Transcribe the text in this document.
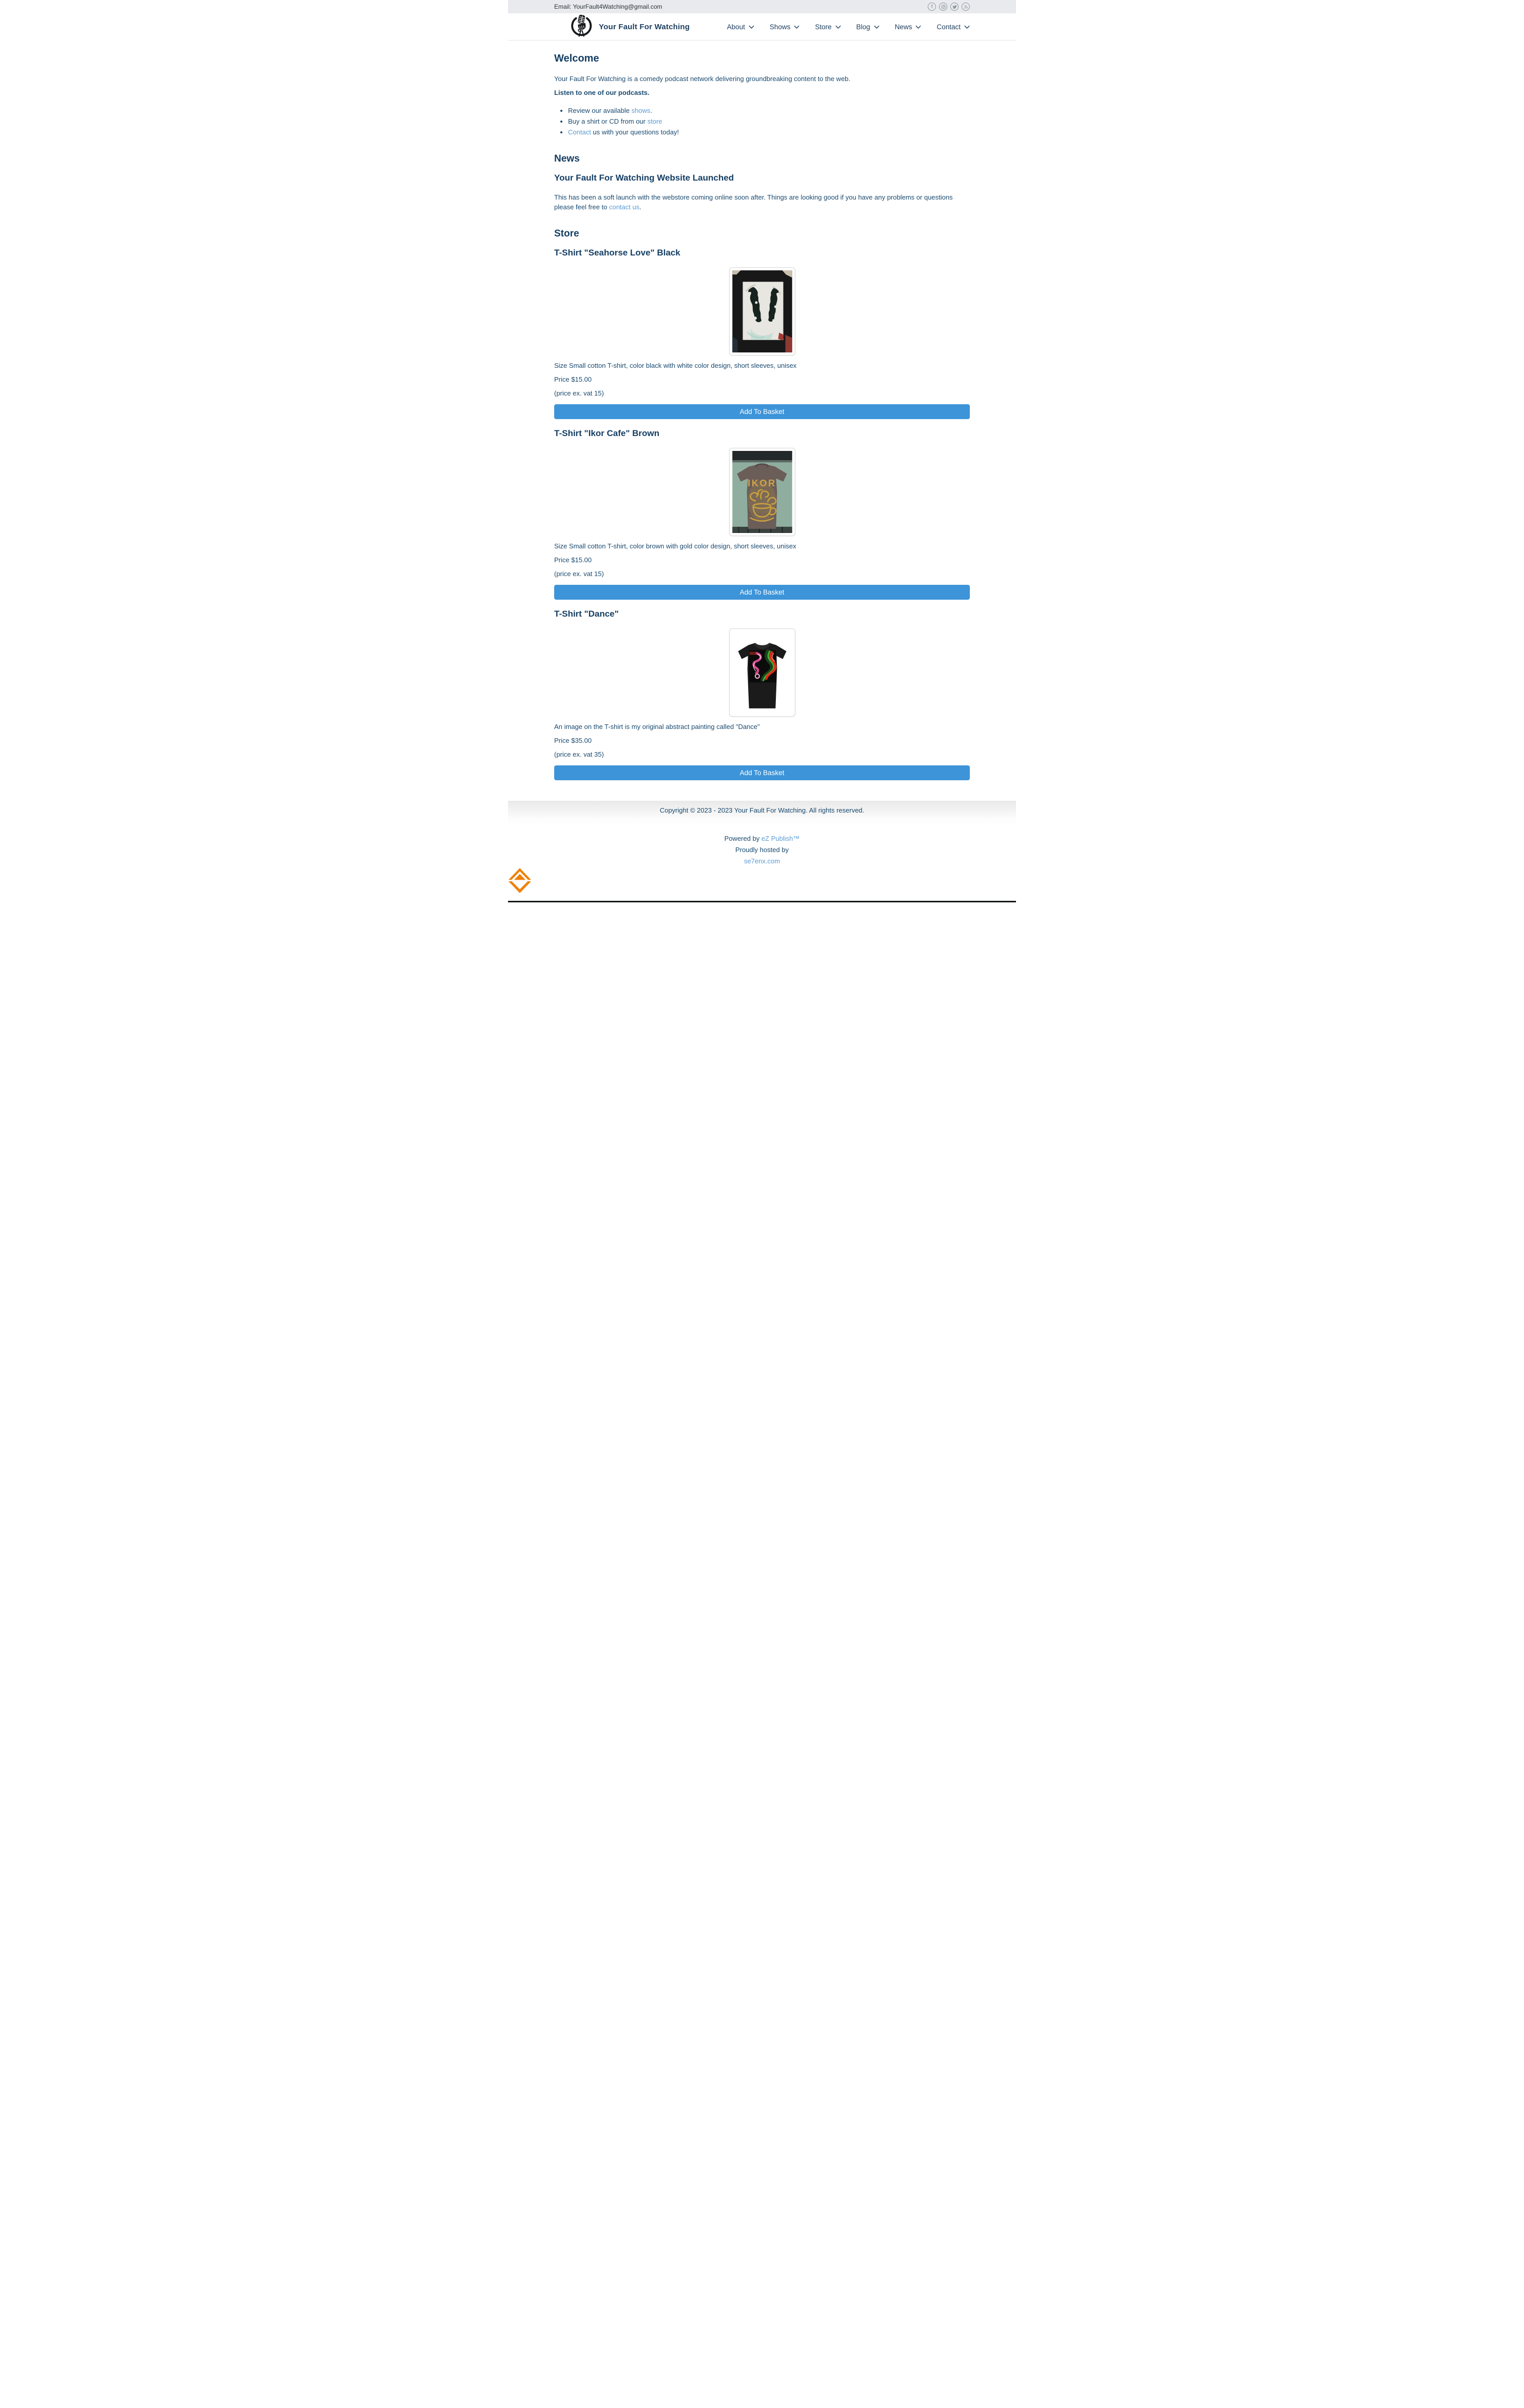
Email: YourFault4Watching@gmail.com
Your Fault For Watching	About	Shows	Store	Blog	News	Contact
Welcome

Your Fault For Watching is a comedy podcast network delivering groundbreaking content to the web.

Listen to one of our podcasts.

• Review our available shows.
• Buy a shirt or CD from our store
• Contact us with your questions today!
News
Your Fault For Watching Website Launched

This has been a soft launch with the webstore coming online soon after. Things are looking good if you have any problems or questions please feel free to contact us.

Store
T-Shirt "Seahorse Love" Black

Size Small cotton T-shirt, color black with white color design, short sleeves, unisex

Price $15.00

(price ex. vat 15)

Add To Basket
T-Shirt "Ikor Cafe" Brown
IKOR

Size Small cotton T-shirt, color brown with gold color design, short sleeves, unisex

Price $15.00

(price ex. vat 15)

Add To Basket
T-Shirt "Dance"

An image on the T-shirt is my original abstract painting called "Dance"

Price $35.00

(price ex. vat 35)

Add To Basket

Copyright © 2023 - 2023 Your Fault For Watching. All rights reserved.

Powered by eZ Publish™

Proudly hosted by

se7enx.com
